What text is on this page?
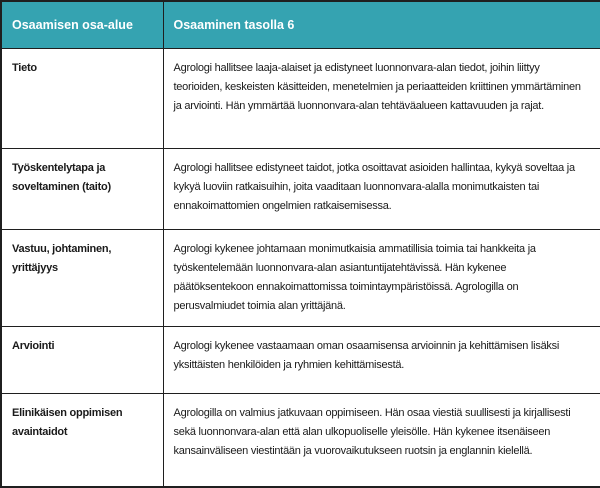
Osaamisen osa-alue	Osaaminen tasolla 6
Tieto	Agrologi hallitsee laaja-alaiset ja edistyneet luonnonvara-alan tiedot, joihin liittyy teorioiden, keskeisten käsitteiden, menetelmien ja periaatteiden kriittinen ymmärtäminen ja arviointi. Hän ymmärtää luonnonvara-alan tehtäväalueen kattavuuden ja rajat.
Työskentelytapa ja soveltaminen (taito)	Agrologi hallitsee edistyneet taidot, jotka osoittavat asioiden hallintaa, kykyä soveltaa ja kykyä luoviin ratkaisuihin, joita vaaditaan luonnonvara-alalla monimutkaisten tai ennakoimattomien ongelmien ratkaisemisessa.
Vastuu, johtaminen, yrittäjyys	Agrologi kykenee johtamaan monimutkaisia ammatillisia toimia tai hankkeita ja työskentelemään luonnonvara-alan asiantuntijatehtävissä. Hän kykenee päätöksentekoon ennakoimattomissa toimintaympäristöissä. Agrologilla on perusvalmiudet toimia alan yrittäjänä.
Arviointi	Agrologi kykenee vastaamaan oman osaamisensa arvioinnin ja kehittämisen lisäksi yksittäisten henkilöiden ja ryhmien kehittämisestä.
Elinikäisen oppimisen avaintaidot	Agrologilla on valmius jatkuvaan oppimiseen. Hän osaa viestiä suullisesti ja kirjallisesti sekä luonnonvara-alan että alan ulkopuoliselle yleisölle. Hän kykenee itsenäiseen kansainväliseen viestintään ja vuorovaikutukseen ruotsin ja englannin kielellä.
